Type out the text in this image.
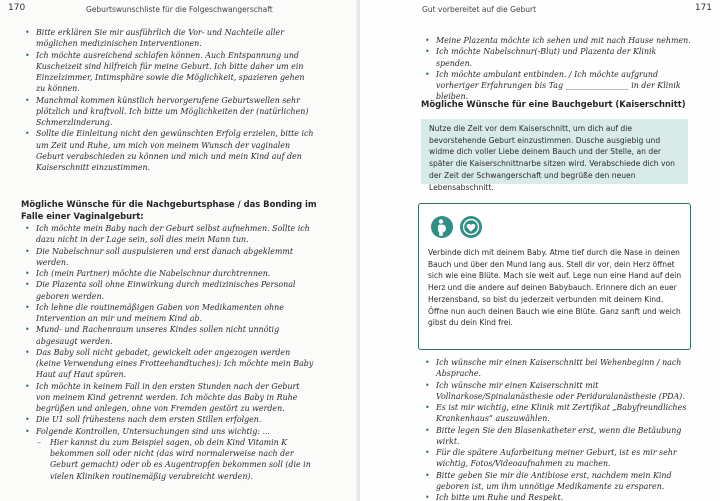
170	Geburtswunschliste für die Folgeschwangerschaft
• Bitte erklären Sie mir ausführlich die Vor- und Nachteile aller möglichen medizinischen Interventionen.
• Ich möchte ausreichend schlafen können. Auch Entspannung und Kuscheizeit sind hilfreich für meine Geburt. Ich bitte daher um ein Einzelzimmer, Intimsphäre sowie die Möglichkeit, spazieren gehen zu können.
• Manchmal kommen künstlich hervorgerufene Geburtswellen sehr plötzlich und kraftvoll. Ich bitte um Möglichkeiten der (natürlichen) Schmerzlinderung.
• Sollte die Einleitung nicht den gewünschten Erfolg erzielen, bitte ich um Zeit und Ruhe, um mich von meinem Wunsch der vaginalen Geburt verabschieden zu können und mich und mein Kind auf den Kaiserschnitt einzustimmen.
Mögliche Wünsche für die Nachgeburtsphase / das Bonding im Falle einer Vaginalgeburt:
• Ich möchte mein Baby nach der Geburt selbst aufnehmen. Sollte ich dazu nicht in der Lage sein, soll dies mein Mann tun.
• Die Nabelschnur soll auspulsieren und erst danach abgeklemmt werden.
• Ich (mein Partner) möchte die Nabelschnur durchtrennen.
• Die Plazenta soll ohne Einwirkung durch medizinisches Personal geboren werden.
• Ich lehne die routinemäßigen Gaben von Medikamenten ohne Intervention an mir und meinem Kind ab.
• Mund- und Rachenraum unseres Kindes sollen nicht unnötig abgesaugt werden.
• Das Baby soll nicht gebadet, gewickelt oder angezogen werden (keine Verwendung eines Frotteehandtuches): Ich möchte mein Baby Haut auf Haut spüren.
• Ich möchte in keinem Fall in den ersten Stunden nach der Geburt von meinem Kind getrennt werden. Ich möchte das Baby in Ruhe begrüßen und anlegen, ohne von Fremden gestört zu werden.
• Die U1 soll frühestens nach dem ersten Stillen erfolgen.
• Folgende Kontrollen, Untersuchungen sind uns wichtig: ...
– Hier kannst du zum Beispiel sagen, ob dein Kind Vitamin K bekommen soll oder nicht (das wird normalerweise nach der Geburt gemacht) oder ob es Augentropfen bekommen soll (die in vielen Kliniken routinemäßig verabreicht werden).
Gut vorbereitet auf die Geburt	171
• Meine Plazenta möchte ich sehen und mit nach Hause nehmen.
• Ich möchte Nabelschnur(-Blut) und Plazenta der Klinik spenden.
• Ich möchte ambulant entbinden. / Ich möchte aufgrund vorheriger Erfahrungen bis Tag ________________ in der Klinik bleiben.
Mögliche Wünsche für eine Bauchgeburt (Kaiserschnitt)
Nutze die Zeit vor dem Kaiserschnitt, um dich auf die bevorstehende Geburt einzustimmen. Dusche ausgiebig und widme dich voller Liebe deinem Bauch und der Stelle, an der später die Kaiserschnittnarbe sitzen wird. Verabschiede dich von der Zeit der Schwangerschaft und begrüße den neuen Lebensabschnitt.

Verbinde dich mit deinem Baby. Atme tief durch die Nase in deinen Bauch und über den Mund lang aus. Stell dir vor, dein Herz öffnet sich wie eine Blüte. Mach sie weit auf. Lege nun eine Hand auf dein Herz und die andere auf deinen Babybauch. Erinnere dich an euer Herzensband, so bist du jederzeit verbunden mit deinem Kind. Öffne nun auch deinen Bauch wie eine Blüte. Ganz sanft und weich gibst du dein Kind frei.
• Ich wünsche mir einen Kaiserschnitt bei Wehenbeginn / nach Absprache.
• Ich wünsche mir einen Kaiserschnitt mit Vollnarkose/Spinalanästhesie oder Periduralanästhesie (PDA).
• Es ist mir wichtig, eine Klinik mit Zertifikat „Babyfreundliches Krankenhaus“ auszuwählen.
• Bitte legen Sie den Blasenkatheter erst, wenn die Betäubung wirkt.
• Für die spätere Aufarbeitung meiner Geburt, ist es mir sehr wichtig, Fotos/Videoaufnahmen zu machen.
• Bitte geben Sie mir die Antibiose erst, nachdem mein Kind geboren ist, um ihm unnötige Medikamente zu ersparen.
• Ich bitte um Ruhe und Respekt.
